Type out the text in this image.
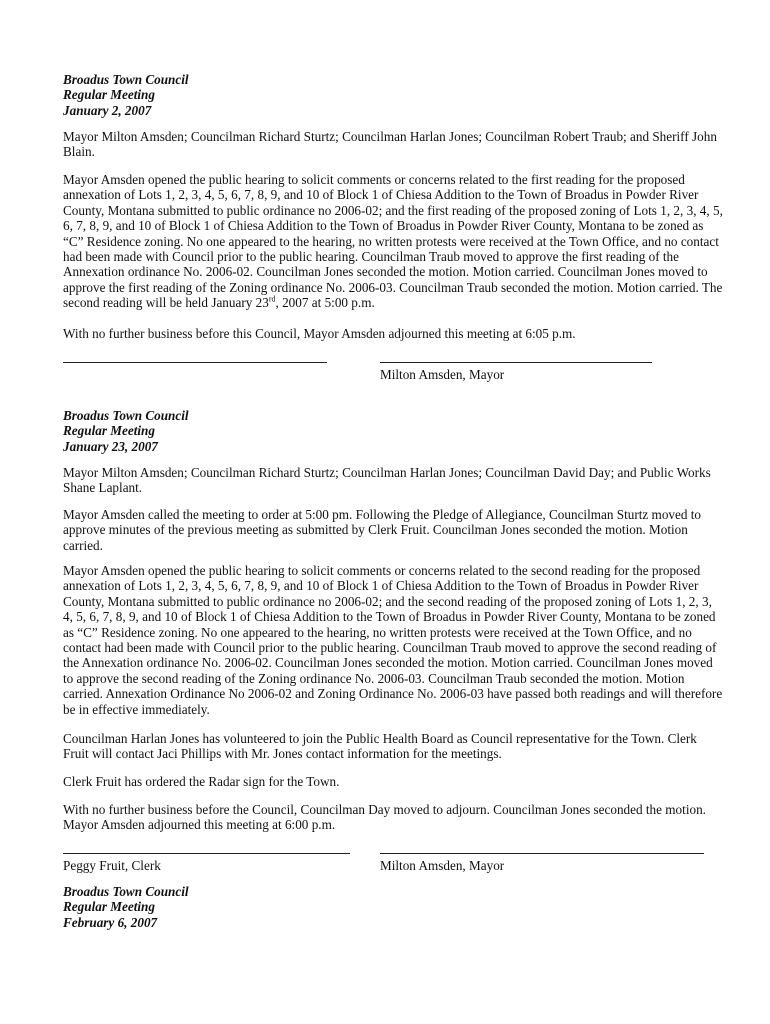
Broadus Town Council
Regular Meeting
January 2, 2007

Mayor Milton Amsden; Councilman Richard Sturtz; Councilman Harlan Jones; Councilman Robert Traub; and Sheriff John Blain.

Mayor Amsden opened the public hearing to solicit comments or concerns related to the first reading for the proposed annexation of Lots 1, 2, 3, 4, 5, 6, 7, 8, 9, and 10 of Block 1 of Chiesa Addition to the Town of Broadus in Powder River County, Montana submitted to public ordinance no 2006-02; and the first reading of the proposed zoning of Lots 1, 2, 3, 4, 5, 6, 7, 8, 9, and 10 of Block 1 of Chiesa Addition to the Town of Broadus in Powder River County, Montana to be zoned as “C” Residence zoning. No one appeared to the hearing, no written protests were received at the Town Office, and no contact had been made with Council prior to the public hearing. Councilman Traub moved to approve the first reading of the Annexation ordinance No. 2006-02. Councilman Jones seconded the motion. Motion carried. Councilman Jones moved to approve the first reading of the Zoning ordinance No. 2006-03. Councilman Traub seconded the motion. Motion carried. The second reading will be held January 23rd, 2007 at 5:00 p.m.

With no further business before this Council, Mayor Amsden adjourned this meeting at 6:05 p.m.

Milton Amsden, Mayor
Broadus Town Council
Regular Meeting
January 23, 2007

Mayor Milton Amsden; Councilman Richard Sturtz; Councilman Harlan Jones; Councilman David Day; and Public Works Shane Laplant.

Mayor Amsden called the meeting to order at 5:00 pm. Following the Pledge of Allegiance, Councilman Sturtz moved to approve minutes of the previous meeting as submitted by Clerk Fruit. Councilman Jones seconded the motion. Motion carried.

Mayor Amsden opened the public hearing to solicit comments or concerns related to the second reading for the proposed annexation of Lots 1, 2, 3, 4, 5, 6, 7, 8, 9, and 10 of Block 1 of Chiesa Addition to the Town of Broadus in Powder River County, Montana submitted to public ordinance no 2006-02; and the second reading of the proposed zoning of Lots 1, 2, 3, 4, 5, 6, 7, 8, 9, and 10 of Block 1 of Chiesa Addition to the Town of Broadus in Powder River County, Montana to be zoned as “C” Residence zoning. No one appeared to the hearing, no written protests were received at the Town Office, and no contact had been made with Council prior to the public hearing. Councilman Traub moved to approve the second reading of the Annexation ordinance No. 2006-02. Councilman Jones seconded the motion. Motion carried. Councilman Jones moved to approve the second reading of the Zoning ordinance No. 2006-03. Councilman Traub seconded the motion. Motion carried. Annexation Ordinance No 2006-02 and Zoning Ordinance No. 2006-03 have passed both readings and will therefore be in effective immediately.

Councilman Harlan Jones has volunteered to join the Public Health Board as Council representative for the Town. Clerk Fruit will contact Jaci Phillips with Mr. Jones contact information for the meetings.

Clerk Fruit has ordered the Radar sign for the Town.

With no further business before the Council, Councilman Day moved to adjourn. Councilman Jones seconded the motion. Mayor Amsden adjourned this meeting at 6:00 p.m.

Peggy Fruit, Clerk	Milton Amsden, Mayor
Broadus Town Council
Regular Meeting
February 6, 2007
